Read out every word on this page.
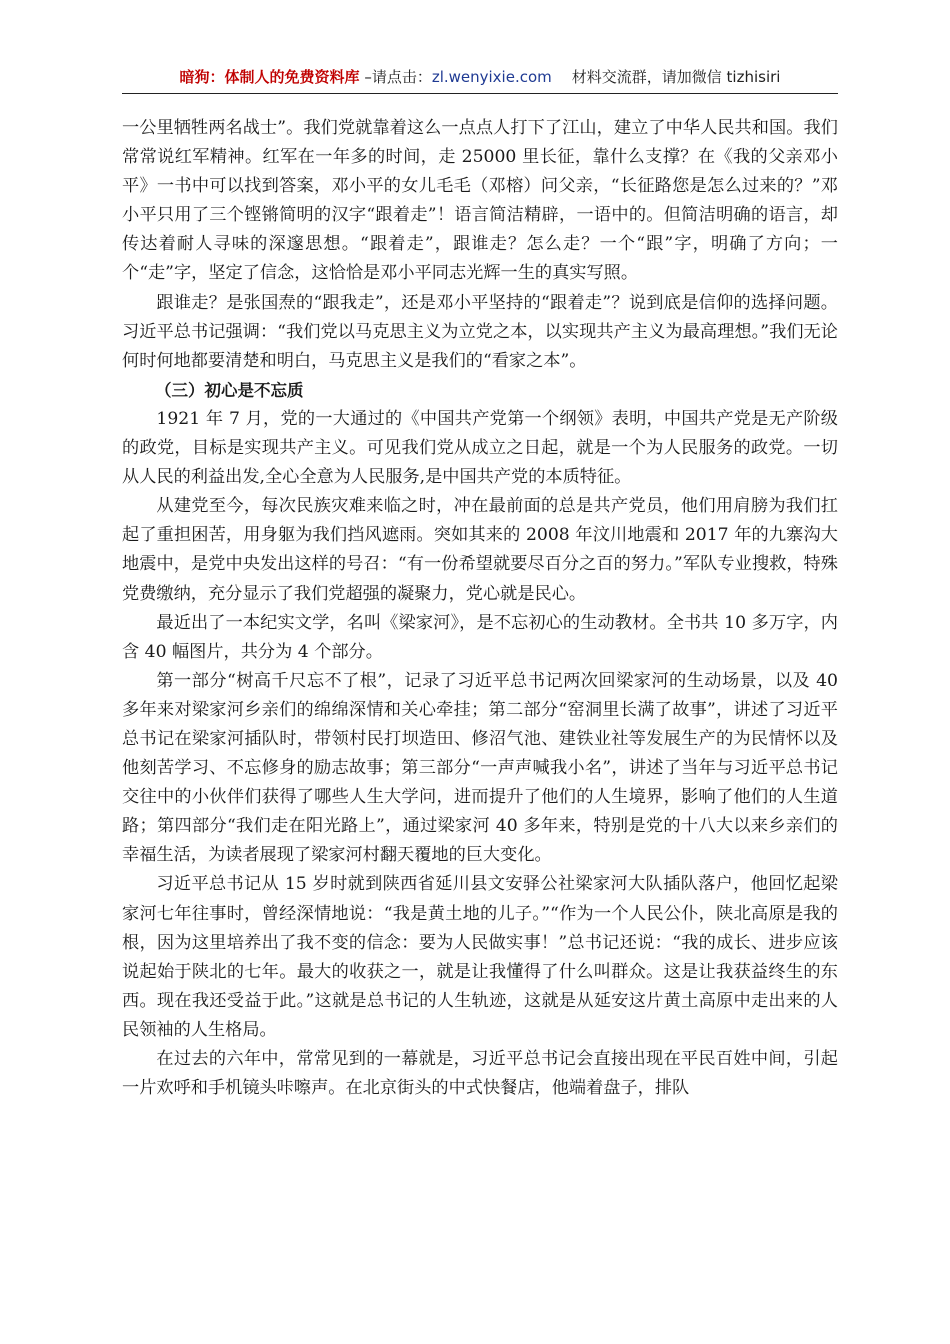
暗狗：体制人的免费资料库 –请点击：zl.wenyixie.com 材料交流群，请加微信 tizhisiri

一公里牺牲两名战士”。我们党就靠着这么一点点人打下了江山，建立了中华人民共和国。我们常常说红军精神。红军在一年多的时间，走 25000 里长征，靠什么支撑？在《我的父亲邓小平》一书中可以找到答案，邓小平的女儿毛毛（邓榕）问父亲，“长征路您是怎么过来的？”邓小平只用了三个铿锵简明的汉字“跟着走”！语言简洁精辟，一语中的。但简洁明确的语言，却传达着耐人寻味的深邃思想。“跟着走”，跟谁走？怎么走？一个“跟”字，明确了方向；一个“走”字，坚定了信念，这恰恰是邓小平同志光辉一生的真实写照。

跟谁走？是张国焘的“跟我走”，还是邓小平坚持的“跟着走”？说到底是信仰的选择问题。习近平总书记强调：“我们党以马克思主义为立党之本，以实现共产主义为最高理想。”我们无论何时何地都要清楚和明白，马克思主义是我们的“看家之本”。

（三）初心是不忘质

1921 年 7 月，党的一大通过的《中国共产党第一个纲领》表明，中国共产党是无产阶级的政党，目标是实现共产主义。可见我们党从成立之日起，就是一个为人民服务的政党。一切从人民的利益出发,全心全意为人民服务,是中国共产党的本质特征。

从建党至今，每次民族灾难来临之时，冲在最前面的总是共产党员，他们用肩膀为我们扛起了重担困苦，用身躯为我们挡风遮雨。突如其来的 2008 年汶川地震和 2017 年的九寨沟大地震中，是党中央发出这样的号召：“有一份希望就要尽百分之百的努力。”军队专业搜救，特殊党费缴纳，充分显示了我们党超强的凝聚力，党心就是民心。

最近出了一本纪实文学，名叫《梁家河》，是不忘初心的生动教材。全书共 10 多万字，内含 40 幅图片，共分为 4 个部分。

第一部分“树高千尺忘不了根”，记录了习近平总书记两次回梁家河的生动场景，以及 40 多年来对梁家河乡亲们的绵绵深情和关心牵挂；第二部分“窑洞里长满了故事”，讲述了习近平总书记在梁家河插队时，带领村民打坝造田、修沼气池、建铁业社等发展生产的为民情怀以及他刻苦学习、不忘修身的励志故事；第三部分“一声声喊我小名”，讲述了当年与习近平总书记交往中的小伙伴们获得了哪些人生大学问，进而提升了他们的人生境界，影响了他们的人生道路；第四部分“我们走在阳光路上”，通过梁家河 40 多年来，特别是党的十八大以来乡亲们的幸福生活，为读者展现了梁家河村翻天覆地的巨大变化。

习近平总书记从 15 岁时就到陕西省延川县文安驿公社梁家河大队插队落户，他回忆起梁家河七年往事时，曾经深情地说：“我是黄土地的儿子。”“作为一个人民公仆，陕北高原是我的根，因为这里培养出了我不变的信念：要为人民做实事！”总书记还说：“我的成长、进步应该说起始于陕北的七年。最大的收获之一，就是让我懂得了什么叫群众。这是让我获益终生的东西。现在我还受益于此。”这就是总书记的人生轨迹，这就是从延安这片黄土高原中走出来的人民领袖的人生格局。

在过去的六年中，常常见到的一幕就是，习近平总书记会直接出现在平民百姓中间，引起一片欢呼和手机镜头咔嚓声。在北京街头的中式快餐店，他端着盘子，排队
